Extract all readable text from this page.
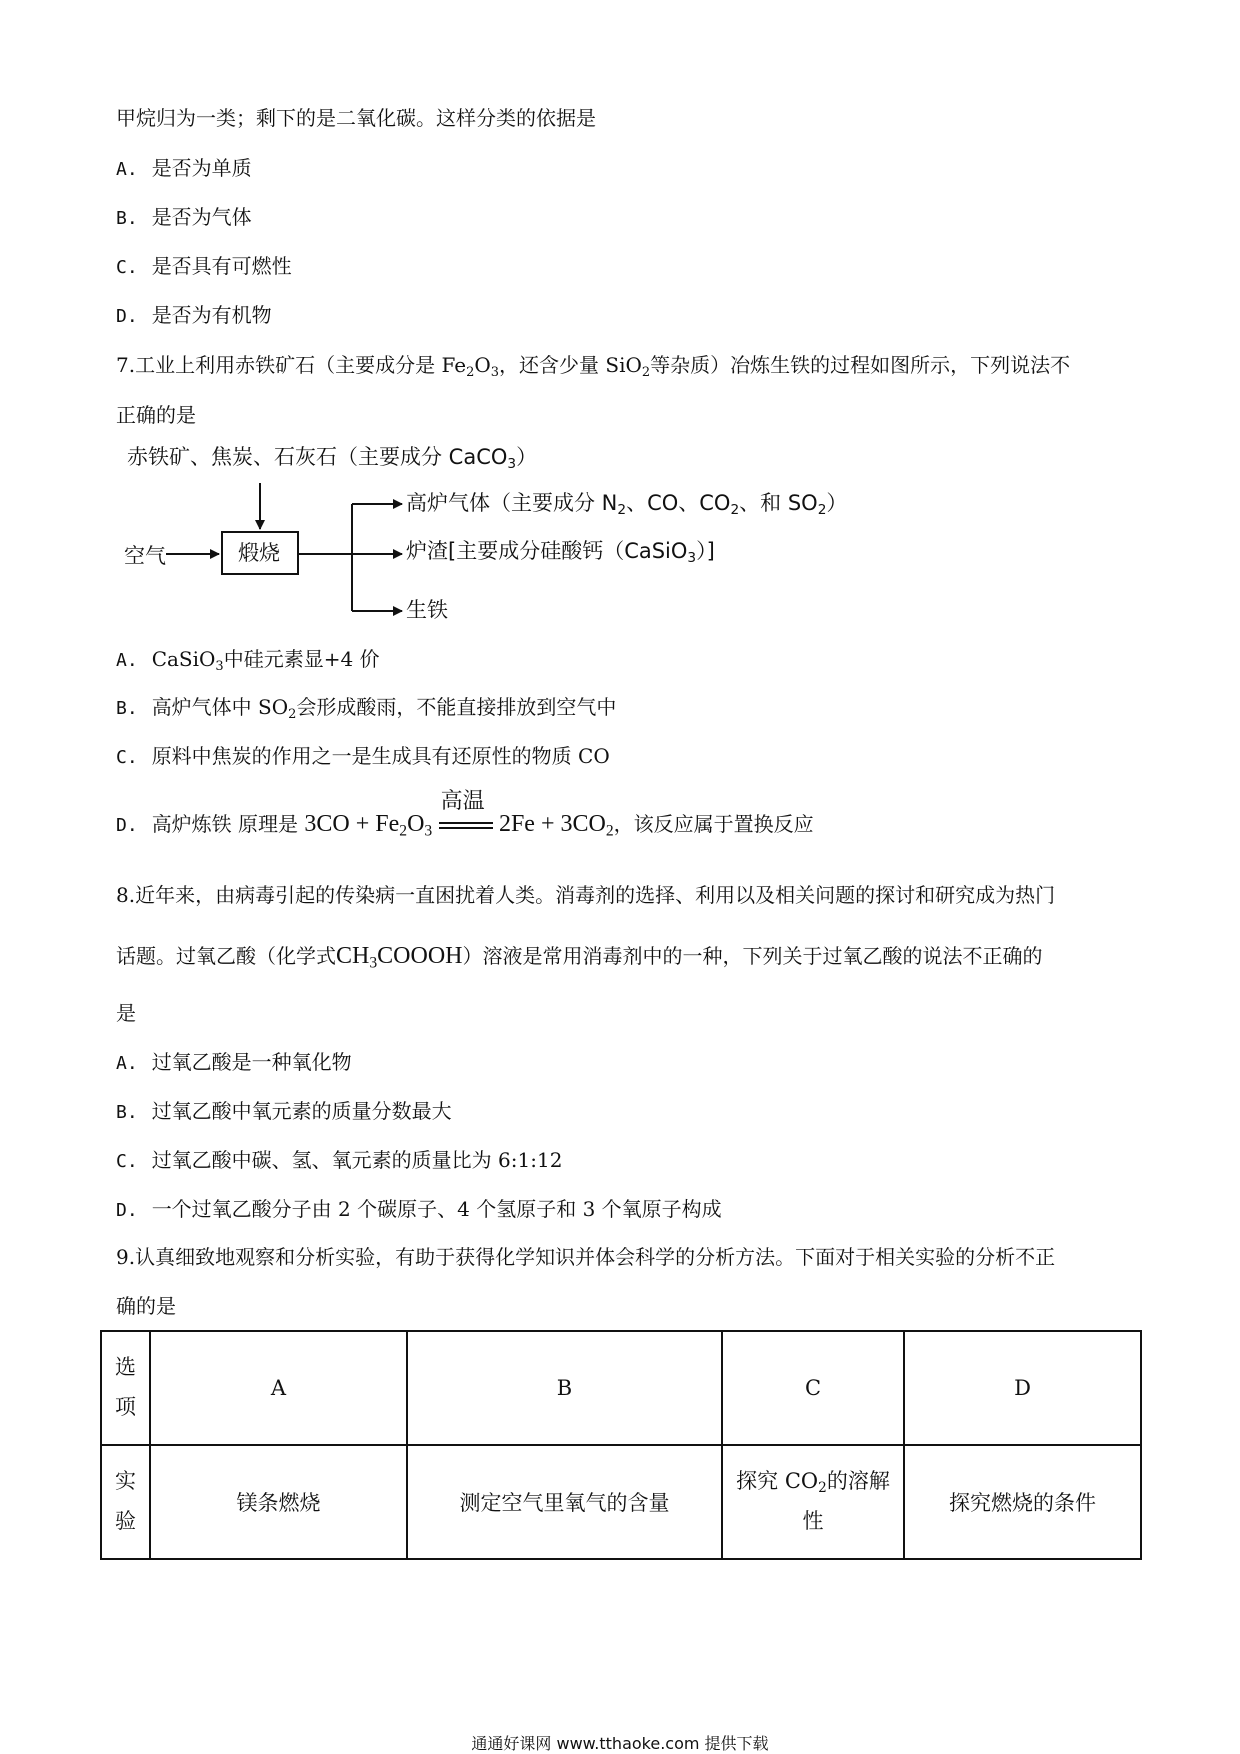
甲烷归为一类；剩下的是二氧化碳。这样分类的依据是
A. 是否为单质
B. 是否为气体
C. 是否具有可燃性
D. 是否为有机物
7.工业上利用赤铁矿石（主要成分是 $Fe_2O_3$，还含少量 SiO$_2$等杂质）冶炼生铁的过程如图所示，下列说法不
正确的是
赤铁矿、焦炭、石灰石（主要成分 CaCO$_3$）
空气	煅烧
高炉气体（主要成分 $N_2$、CO、$CO_2$、和 $SO_2$）
炉渣[主要成分硅酸钙（CaSiO$_3$）]
生铁
A. CaSiO$_3$中硅元素显+4 价
B. 高炉气体中 $SO_2$会形成酸雨，不能直接排放到空气中
C. 原料中焦炭的作用之一是生成具有还原性的物质 CO
D. 高炉炼铁 原理是 $3CO + Fe_2O_3$
高温
$2Fe + 3CO_2$，该反应属于置换反应
8.近年来，由病毒引起的传染病一直困扰着人类。消毒剂的选择、利用以及相关问题的探讨和研究成为热门
话题。过氧乙酸（化学式$CH_3COOOH$）溶液是常用消毒剂中的一种，下列关于过氧乙酸的说法不正确的
是
A. 过氧乙酸是一种氧化物
B. 过氧乙酸中氧元素的质量分数最大
C. 过氧乙酸中碳、氢、氧元素的质量比为 6:1:12
D. 一个过氧乙酸分子由 2 个碳原子、4 个氢原子和 3 个氧原子构成
9.认真细致地观察和分析实验，有助于获得化学知识并体会科学的分析方法。下面对于相关实验的分析不正
确的是
选
项	A	B	C	D
实
验	镁条燃烧	测定空气里氧气的含量	探究 $CO_2$的溶解
性	探究燃烧的条件
通通好课网 www.tthaoke.com 提供下载
